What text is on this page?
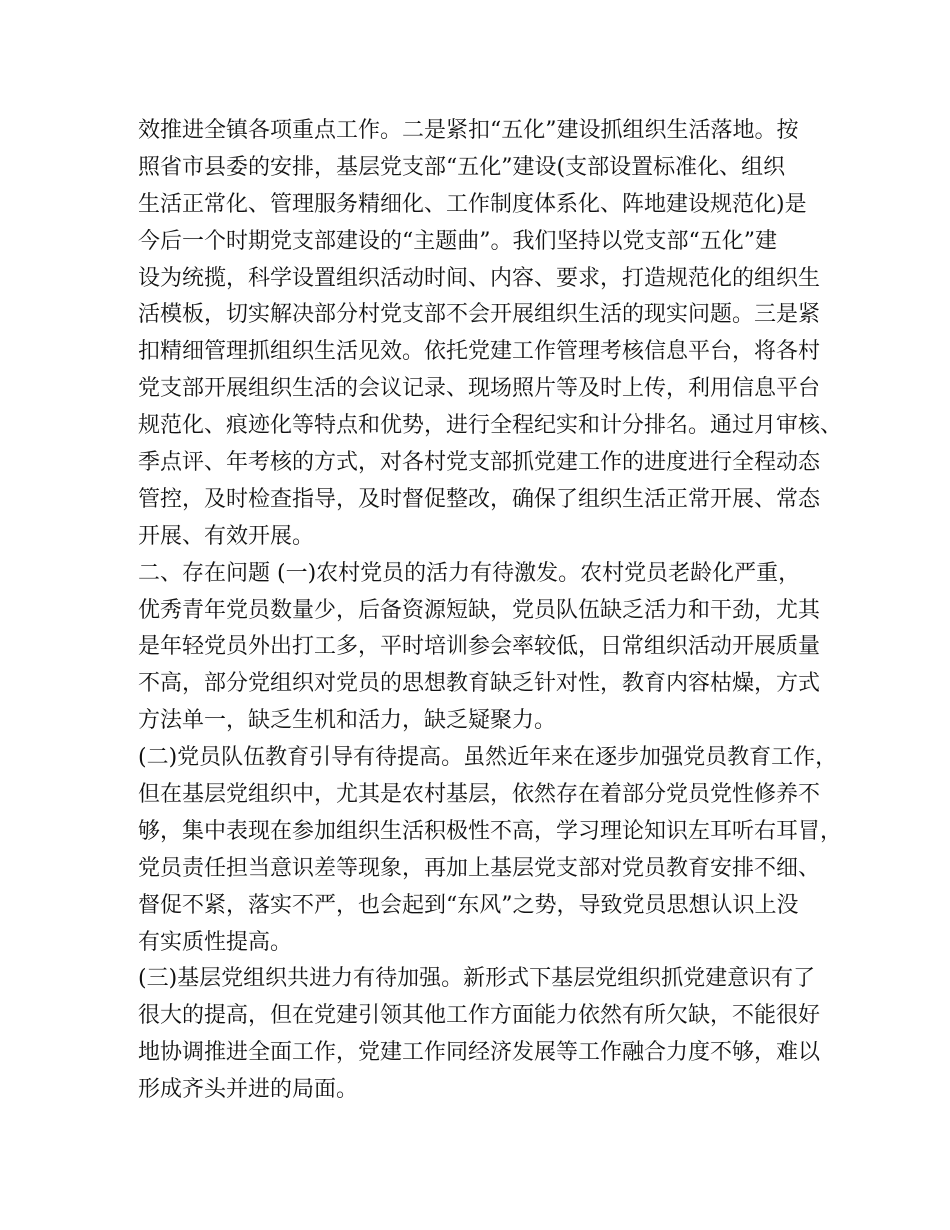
效推进全镇各项重点工作。二是紧扣“五化”建设抓组织生活落地。按
照省市县委的安排，基层党支部“五化”建设(支部设置标准化、组织
生活正常化、管理服务精细化、工作制度体系化、阵地建设规范化)是
今后一个时期党支部建设的“主题曲”。我们坚持以党支部“五化”建
设为统揽，科学设置组织活动时间、内容、要求，打造规范化的组织生
活模板，切实解决部分村党支部不会开展组织生活的现实问题。三是紧
扣精细管理抓组织生活见效。依托党建工作管理考核信息平台，将各村
党支部开展组织生活的会议记录、现场照片等及时上传，利用信息平台
规范化、痕迹化等特点和优势，进行全程纪实和计分排名。通过月审核、
季点评、年考核的方式，对各村党支部抓党建工作的进度进行全程动态
管控，及时检查指导，及时督促整改，确保了组织生活正常开展、常态
开展、有效开展。
二、存在问题 (一)农村党员的活力有待激发。农村党员老龄化严重，
优秀青年党员数量少，后备资源短缺，党员队伍缺乏活力和干劲，尤其
是年轻党员外出打工多，平时培训参会率较低，日常组织活动开展质量
不高，部分党组织对党员的思想教育缺乏针对性，教育内容枯燥，方式
方法单一，缺乏生机和活力，缺乏疑聚力。
(二)党员队伍教育引导有待提高。虽然近年来在逐步加强党员教育工作，
但在基层党组织中，尤其是农村基层，依然存在着部分党员党性修养不
够，集中表现在参加组织生活积极性不高，学习理论知识左耳听右耳冒，
党员责任担当意识差等现象，再加上基层党支部对党员教育安排不细、
督促不紧，落实不严，也会起到“东风”之势，导致党员思想认识上没
有实质性提高。
(三)基层党组织共进力有待加强。新形式下基层党组织抓党建意识有了
很大的提高，但在党建引领其他工作方面能力依然有所欠缺，不能很好
地协调推进全面工作，党建工作同经济发展等工作融合力度不够，难以
形成齐头并进的局面。
